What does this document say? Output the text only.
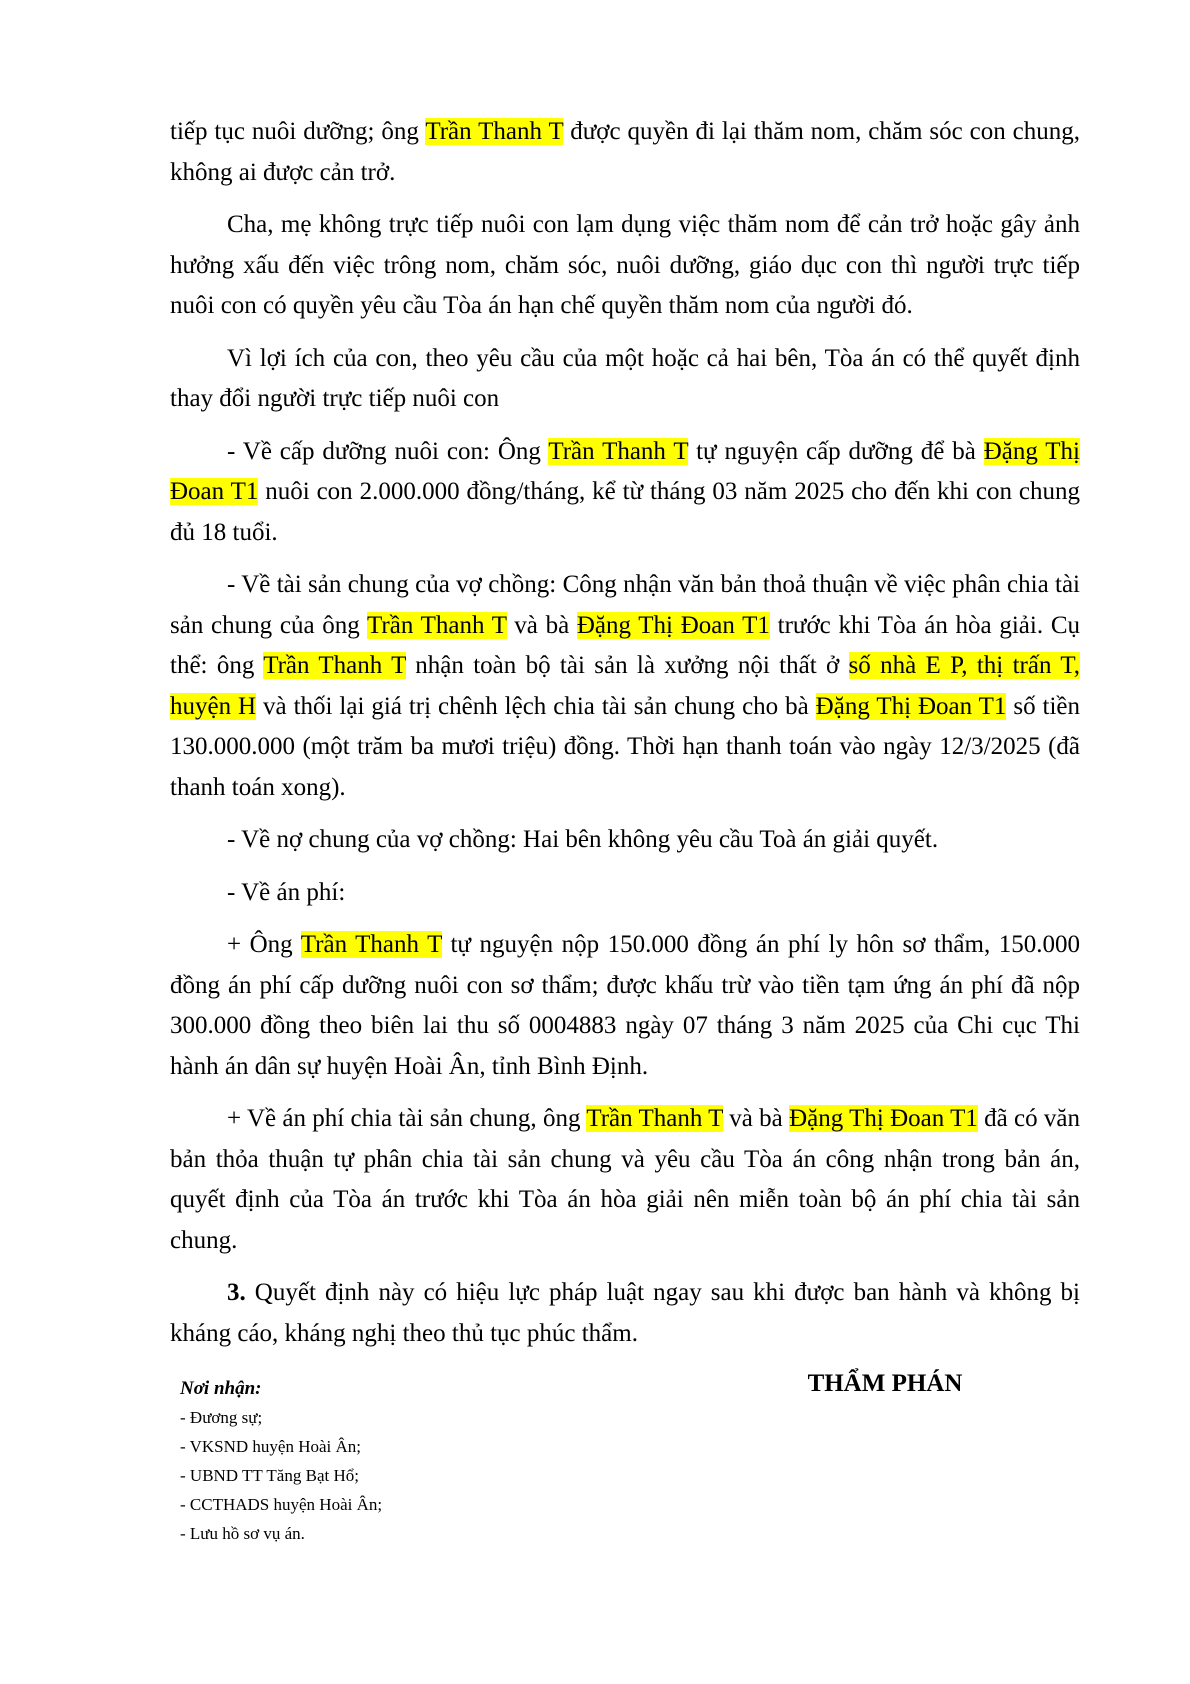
tiếp tục nuôi dưỡng; ông Trần Thanh T được quyền đi lại thăm nom, chăm sóc con chung, không ai được cản trở.

Cha, mẹ không trực tiếp nuôi con lạm dụng việc thăm nom để cản trở hoặc gây ảnh hưởng xấu đến việc trông nom, chăm sóc, nuôi dưỡng, giáo dục con thì người trực tiếp nuôi con có quyền yêu cầu Tòa án hạn chế quyền thăm nom của người đó.

Vì lợi ích của con, theo yêu cầu của một hoặc cả hai bên, Tòa án có thể quyết định thay đổi người trực tiếp nuôi con

- Về cấp dưỡng nuôi con: Ông Trần Thanh T tự nguyện cấp dưỡng để bà Đặng Thị Đoan T1 nuôi con 2.000.000 đồng/tháng, kể từ tháng 03 năm 2025 cho đến khi con chung đủ 18 tuổi.

- Về tài sản chung của vợ chồng: Công nhận văn bản thoả thuận về việc phân chia tài sản chung của ông Trần Thanh T và bà Đặng Thị Đoan T1 trước khi Tòa án hòa giải. Cụ thể: ông Trần Thanh T nhận toàn bộ tài sản là xưởng nội thất ở số nhà E P, thị trấn T, huyện H và thối lại giá trị chênh lệch chia tài sản chung cho bà Đặng Thị Đoan T1 số tiền 130.000.000 (một trăm ba mươi triệu) đồng. Thời hạn thanh toán vào ngày 12/3/2025 (đã thanh toán xong).

- Về nợ chung của vợ chồng: Hai bên không yêu cầu Toà án giải quyết.

- Về án phí:

+ Ông Trần Thanh T tự nguyện nộp 150.000 đồng án phí ly hôn sơ thẩm, 150.000 đồng án phí cấp dưỡng nuôi con sơ thẩm; được khấu trừ vào tiền tạm ứng án phí đã nộp 300.000 đồng theo biên lai thu số 0004883 ngày 07 tháng 3 năm 2025 của Chi cục Thi hành án dân sự huyện Hoài Ân, tỉnh Bình Định.

+ Về án phí chia tài sản chung, ông Trần Thanh T và bà Đặng Thị Đoan T1 đã có văn bản thỏa thuận tự phân chia tài sản chung và yêu cầu Tòa án công nhận trong bản án, quyết định của Tòa án trước khi Tòa án hòa giải nên miễn toàn bộ án phí chia tài sản chung.

3. Quyết định này có hiệu lực pháp luật ngay sau khi được ban hành và không bị kháng cáo, kháng nghị theo thủ tục phúc thẩm.

Nơi nhận:
- Đương sự;
- VKSND huyện Hoài Ân;
- UBND TT Tăng Bạt Hổ;
- CCTHADS huyện Hoài Ân;
- Lưu hồ sơ vụ án.
THẨM PHÁN
